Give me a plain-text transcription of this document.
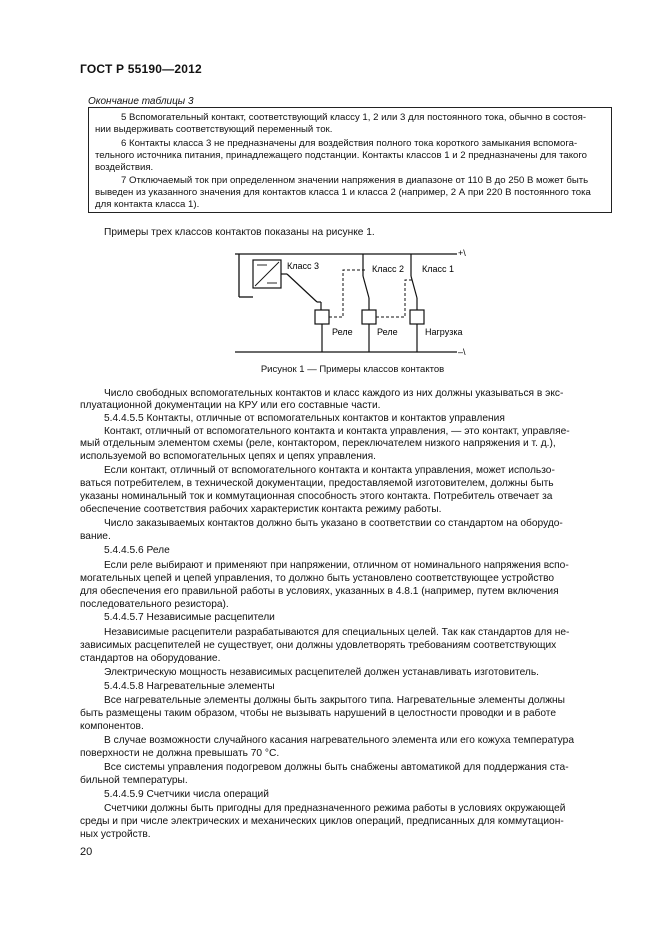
ГОСТ Р 55190—2012
Окончание таблицы 3
5 Вспомогательный контакт, соответствующий классу 1, 2 или 3 для постоянного тока, обычно в состоя-
нии выдерживать соответствующий переменный ток.
6 Контакты класса 3 не предназначены для воздействия полного тока короткого замыкания вспомога-
тельного источника питания, принадлежащего подстанции. Контакты классов 1 и 2 предназначены для такого
воздействия.
7 Отключаемый ток при определенном значении напряжения в диапазоне от 110 В до 250 В может быть
выведен из указанного значения для контактов класса 1 и класса 2 (например, 2 А при 220 В постоянного тока
для контакта класса 1).
Примеры трех классов контактов показаны на рисунке 1.
+\
–\
Класс 3
Реле
Класс 2
Реле
Класс 1
Нагрузка
Рисунок 1 — Примеры классов контактов
Число свободных вспомогательных контактов и класс каждого из них должны указываться в экс-
плуатационной документации на КРУ или его составные части.
5.4.4.5.5 Контакты, отличные от вспомогательных контактов и контактов управления
Контакт, отличный от вспомогательного контакта и контакта управления, — это контакт, управляе-
мый отдельным элементом схемы (реле, контактором, переключателем низкого напряжения и т. д.),
используемой во вспомогательных цепях и цепях управления.
Если контакт, отличный от вспомогательного контакта и контакта управления, может использо-
ваться потребителем, в технической документации, предоставляемой изготовителем, должны быть
указаны номинальный ток и коммутационная способность этого контакта. Потребитель отвечает за
обеспечение соответствия рабочих характеристик контакта режиму работы.
Число заказываемых контактов должно быть указано в соответствии со стандартом на оборудо-
вание.
5.4.4.5.6 Реле
Если реле выбирают и применяют при напряжении, отличном от номинального напряжения вспо-
могательных цепей и цепей управления, то должно быть установлено соответствующее устройство
для обеспечения его правильной работы в условиях, указанных в 4.8.1 (например, путем включения
последовательного резистора).
5.4.4.5.7 Независимые расцепители
Независимые расцепители разрабатываются для специальных целей. Так как стандартов для не-
зависимых расцепителей не существует, они должны удовлетворять требованиям соответствующих
стандартов на оборудование.
Электрическую мощность независимых расцепителей должен устанавливать изготовитель.
5.4.4.5.8 Нагревательные элементы
Все нагревательные элементы должны быть закрытого типа. Нагревательные элементы должны
быть размещены таким образом, чтобы не вызывать нарушений в целостности проводки и в работе
компонентов.
В случае возможности случайного касания нагревательного элемента или его кожуха температура
поверхности не должна превышать 70 °С.
Все системы управления подогревом должны быть снабжены автоматикой для поддержания ста-
бильной температуры.
5.4.4.5.9 Счетчики числа операций
Счетчики должны быть пригодны для предназначенного режима работы в условиях окружающей
среды и при числе электрических и механических циклов операций, предписанных для коммутацион-
ных устройств.
20
